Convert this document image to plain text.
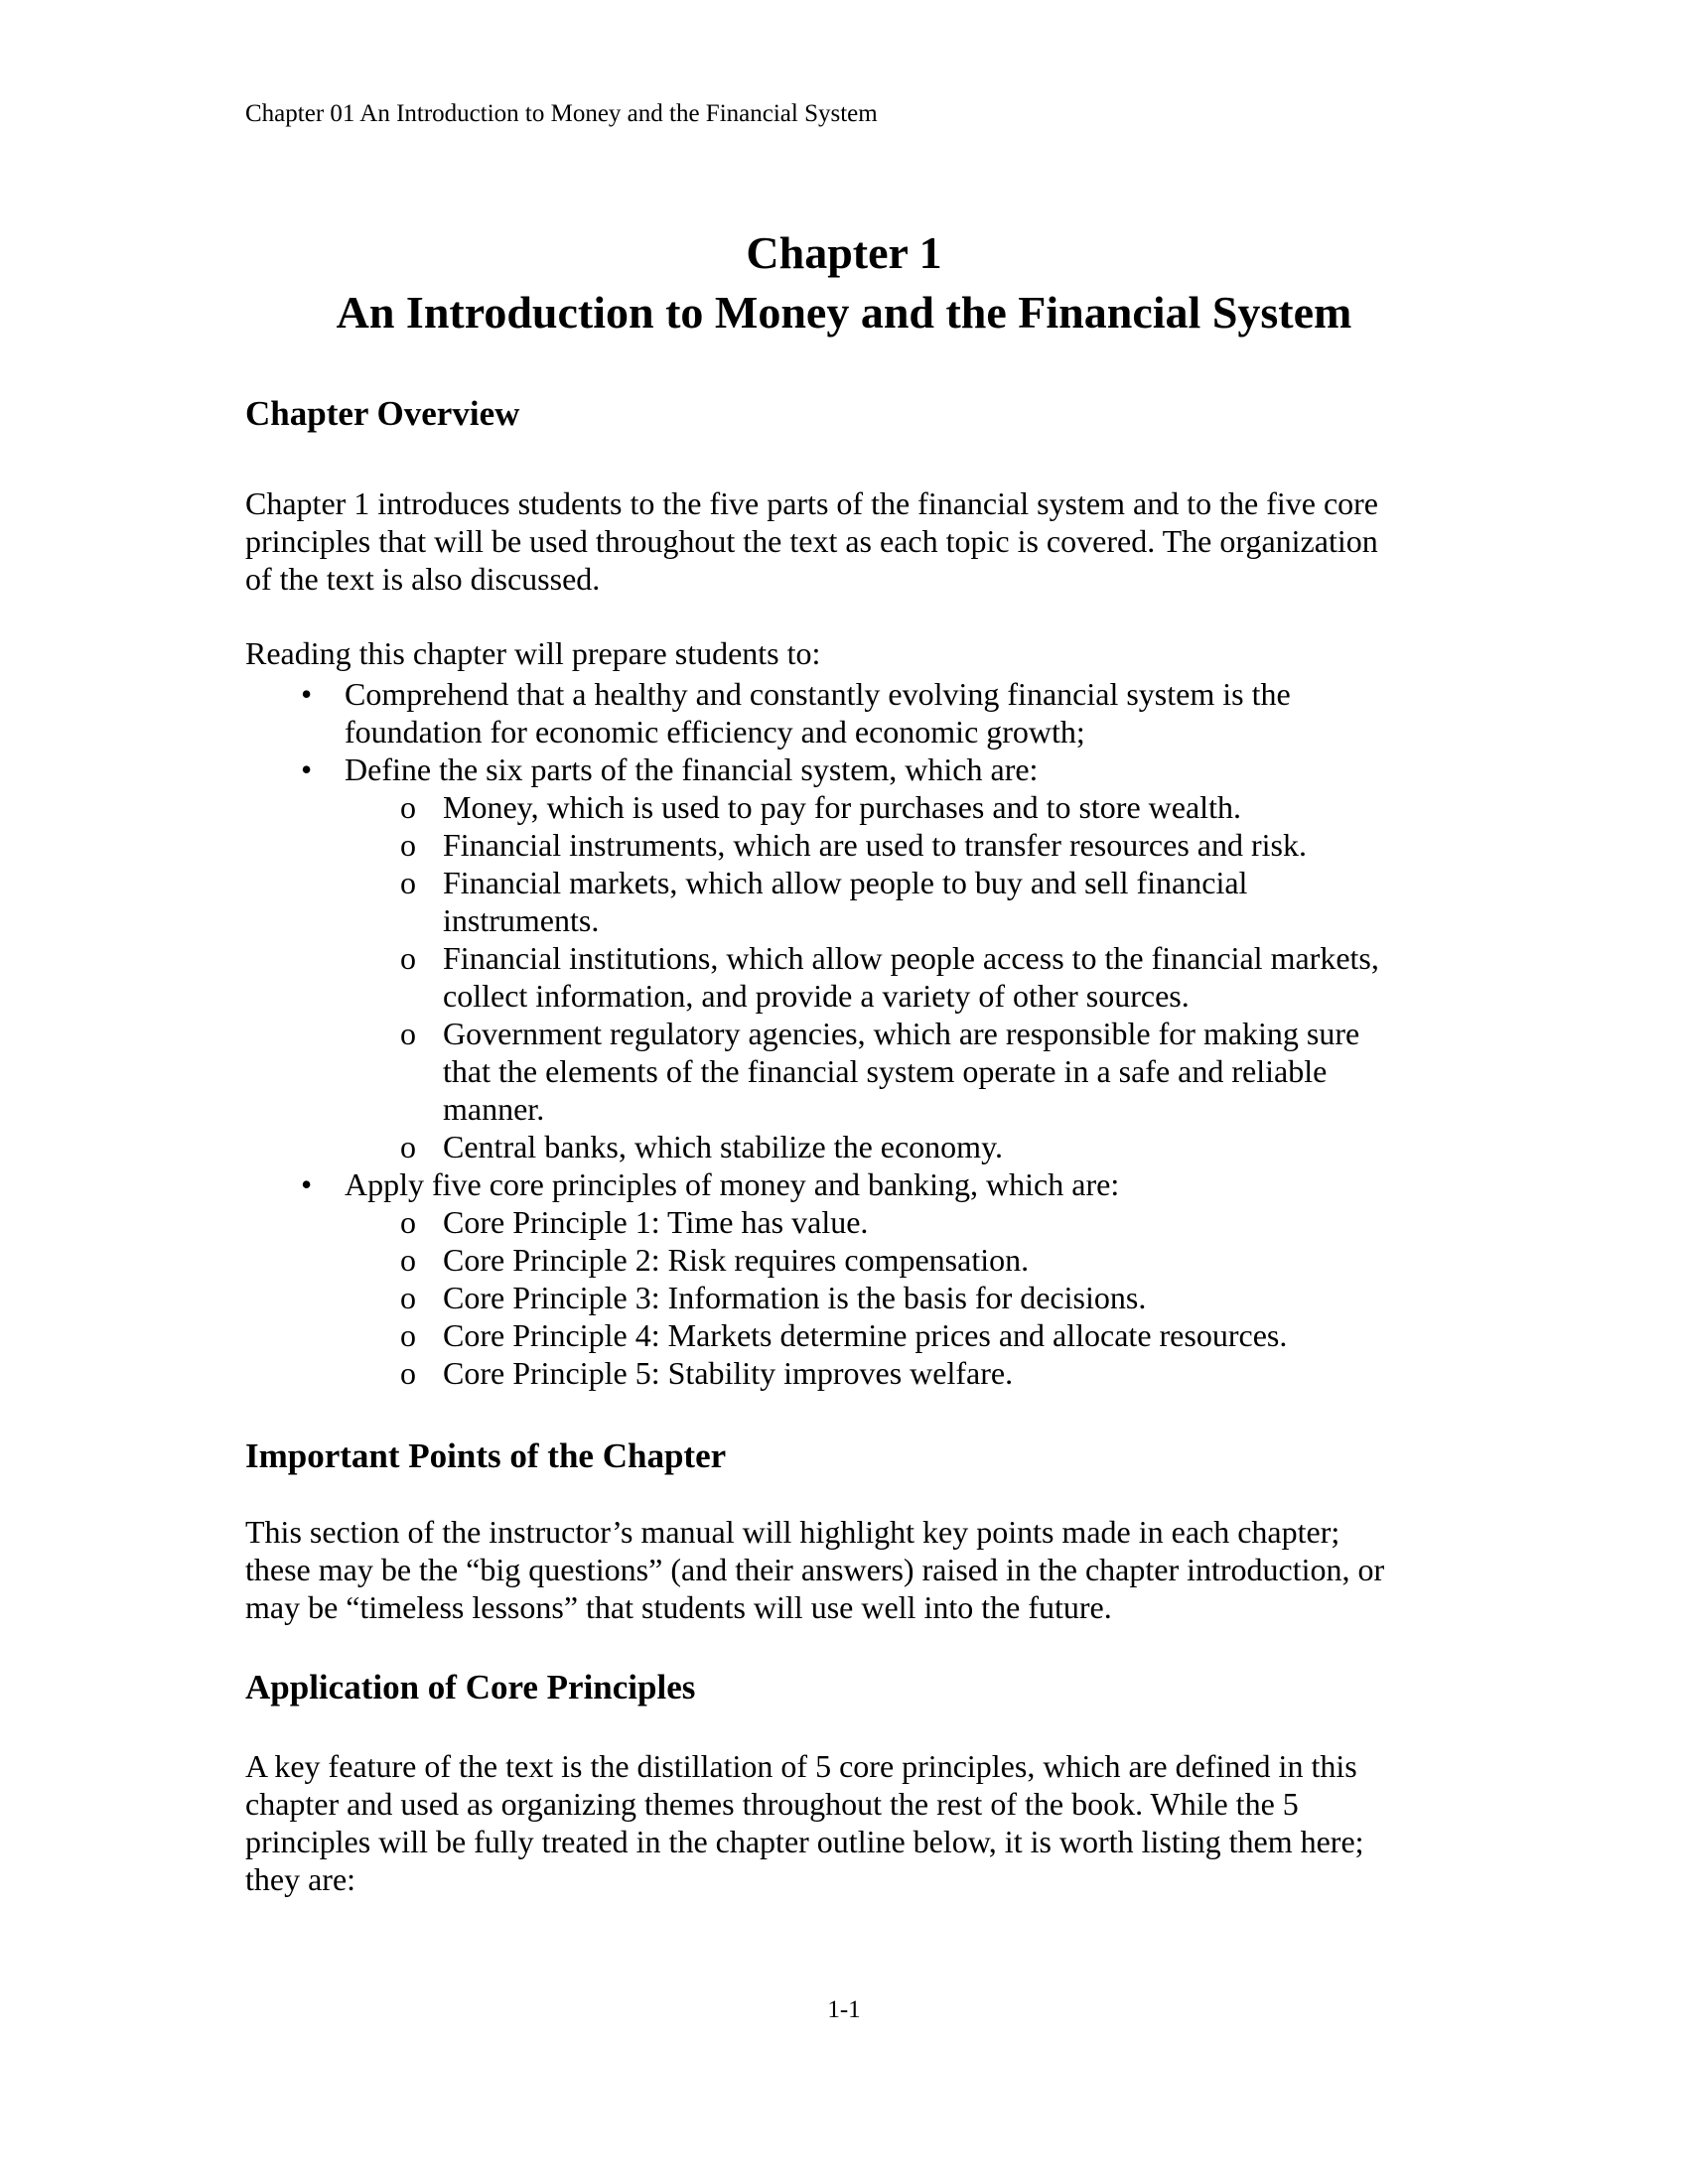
Chapter 01 An Introduction to Money and the Financial System
Chapter 1
An Introduction to Money and the Financial System
Chapter Overview
Chapter 1 introduces students to the five parts of the financial system and to the five core
principles that will be used throughout the text as each topic is covered. The organization
of the text is also discussed.
Reading this chapter will prepare students to:
•	Comprehend that a healthy and constantly evolving financial system is the
foundation for economic efficiency and economic growth;
•	Define the six parts of the financial system, which are:
o Money, which is used to pay for purchases and to store wealth.
o Financial instruments, which are used to transfer resources and risk.
o Financial markets, which allow people to buy and sell financial
instruments.
o Financial institutions, which allow people access to the financial markets,
collect information, and provide a variety of other sources.
o Government regulatory agencies, which are responsible for making sure
that the elements of the financial system operate in a safe and reliable
manner.
o Central banks, which stabilize the economy.
•	Apply five core principles of money and banking, which are:
o Core Principle 1: Time has value.
o Core Principle 2: Risk requires compensation.
o Core Principle 3: Information is the basis for decisions.
o Core Principle 4: Markets determine prices and allocate resources.
o Core Principle 5: Stability improves welfare.
Important Points of the Chapter
This section of the instructor’s manual will highlight key points made in each chapter;
these may be the “big questions” (and their answers) raised in the chapter introduction, or
may be “timeless lessons” that students will use well into the future.
Application of Core Principles
A key feature of the text is the distillation of 5 core principles, which are defined in this
chapter and used as organizing themes throughout the rest of the book. While the 5
principles will be fully treated in the chapter outline below, it is worth listing them here;
they are:
1-1
